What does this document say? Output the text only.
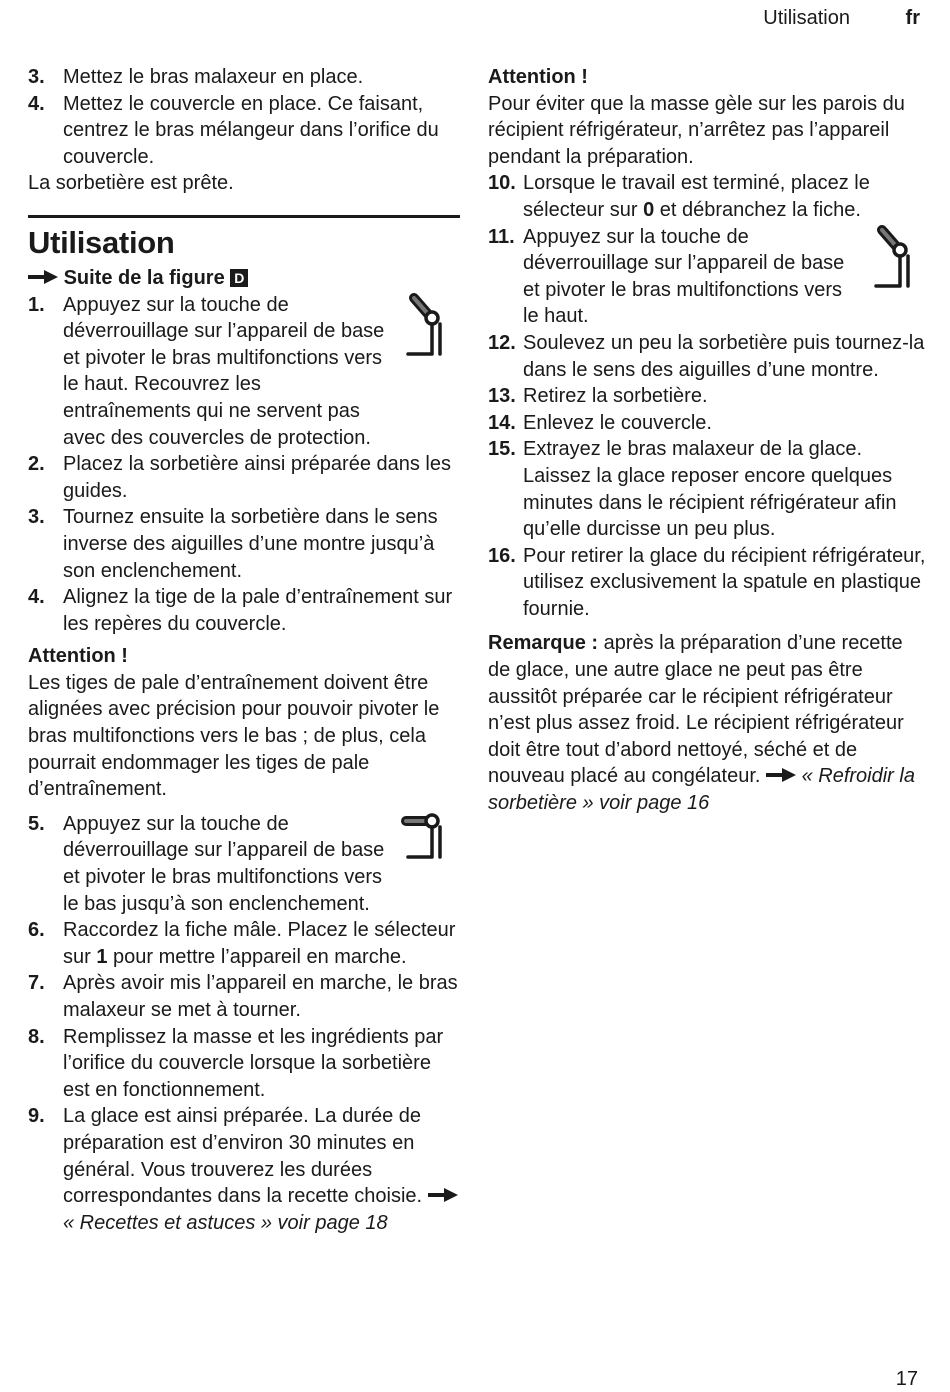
Utilisation	fr
3. Mettez le bras malaxeur en place.
4. Mettez le couvercle en place. Ce faisant, centrez le bras mélangeur dans l’orifice du couvercle.

La sorbetière est prête.

Utilisation
Suite de la figure D
1. Appuyez sur la touche de déverrouillage sur l’appareil de base et pivoter le bras multifonctions vers le haut. Recouvrez les entraînements qui ne servent pas avec des couvercles de protection.
2. Placez la sorbetière ainsi préparée dans les guides.
3. Tournez ensuite la sorbetière dans le sens inverse des aiguilles d’une montre jusqu’à son enclenchement.
4. Alignez la tige de la pale d’entraînement sur les repères du couvercle.
Attention !

Les tiges de pale d’entraînement doivent être alignées avec précision pour pouvoir pivoter le bras multifonctions vers le bas ; de plus, cela pourrait endommager les tiges de pale d’entraînement.

5. Appuyez sur la touche de déverrouillage sur l’appareil de base et pivoter le bras multifonctions vers le bas jusqu’à son enclenchement.
6. Raccordez la fiche mâle. Placez le sélecteur sur 1 pour mettre l’appareil en marche.
7. Après avoir mis l’appareil en marche, le bras malaxeur se met à tourner.
8. Remplissez la masse et les ingrédients par l’orifice du couvercle lorsque la sorbetière est en fonctionnement.
9. La glace est ainsi préparée. La durée de préparation est d’environ 30 minutes en général. Vous trouverez les durées correspondantes dans la recette choisie.  « Recettes et astuces » voir page 18
Attention !

Pour éviter que la masse gèle sur les parois du récipient réfrigérateur, n’arrêtez pas l’appareil pendant la préparation.

10. Lorsque le travail est terminé, placez le sélecteur sur 0 et débranchez la fiche.
11. Appuyez sur la touche de déverrouillage sur l’appareil de base et pivoter le bras multifonctions vers le haut.
12. Soulevez un peu la sorbetière puis tournez-la dans le sens des aiguilles d’une montre.
13. Retirez la sorbetière.
14. Enlevez le couvercle.
15. Extrayez le bras malaxeur de la glace. Laissez la glace reposer encore quelques minutes dans le récipient réfrigérateur afin qu’elle durcisse un peu plus.
16. Pour retirer la glace du récipient réfrigérateur, utilisez exclusivement la spatule en plastique fournie.

Remarque : après la préparation d’une recette de glace, une autre glace ne peut pas être aussitôt préparée car le récipient réfrigérateur n’est plus assez froid. Le récipient réfrigérateur doit être tout d’abord nettoyé, séché et de nouveau placé au congélateur. « Refroidir la sorbetière » voir page 16

17
